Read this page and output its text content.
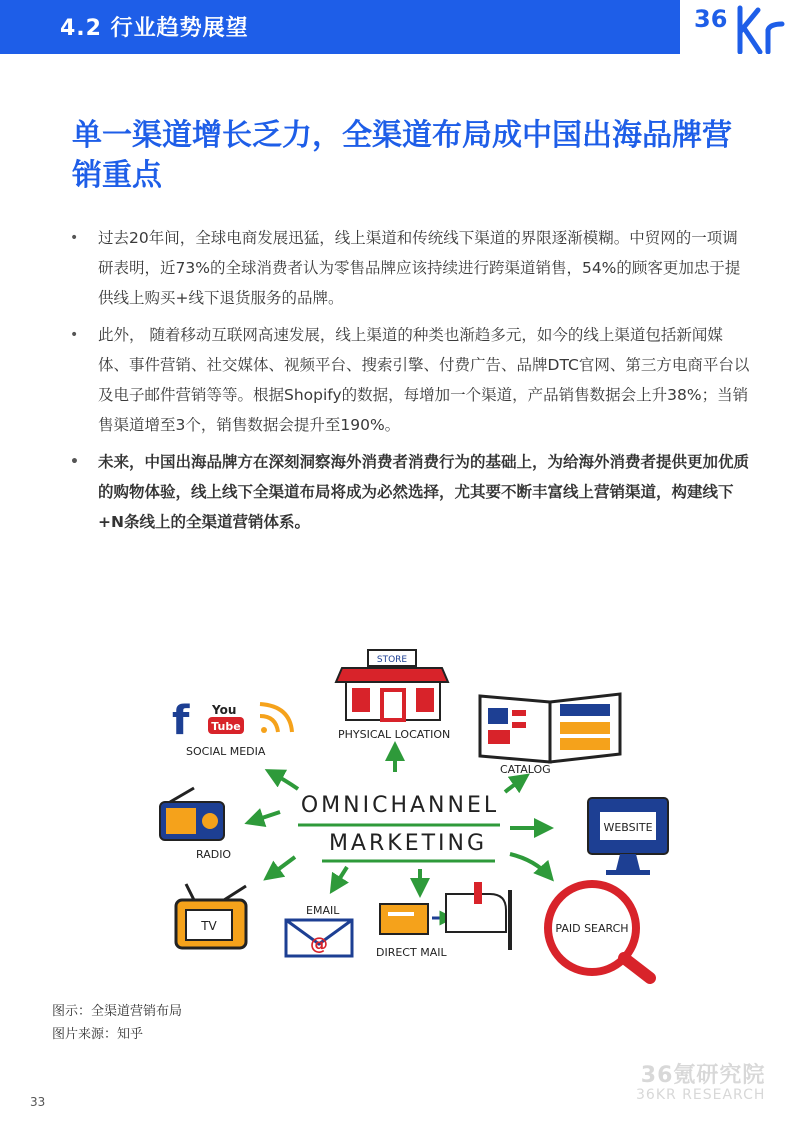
4.2 行业趋势展望	36
单一渠道增长乏力，全渠道布局成中国出海品牌营销重点
• 过去20年间，全球电商发展迅猛，线上渠道和传统线下渠道的界限逐渐模糊。中贸网的一项调研表明，近73%的全球消费者认为零售品牌应该持续进行跨渠道销售，54%的顾客更加忠于提供线上购买+线下退货服务的品牌。
• 此外， 随着移动互联网高速发展，线上渠道的种类也渐趋多元，如今的线上渠道包括新闻媒体、事件营销、社交媒体、视频平台、搜索引擎、付费广告、品牌DTC官网、第三方电商平台以及电子邮件营销等等。根据Shopify的数据，每增加一个渠道，产品销售数据会上升38%；当销售渠道增至3个，销售数据会提升至190%。
• 未来，中国出海品牌方在深刻洞察海外消费者消费行为的基础上，为给海外消费者提供更加优质的购物体验，线上线下全渠道布局将成为必然选择，尤其要不断丰富线上营销渠道，构建线下+N条线上的全渠道营销体系。
OMNICHANNEL
MARKETING
f You
Tube
SOCIAL MEDIA
STORE
PHYSICAL LOCATION
CATALOG
RADIO
WEBSITE
TV
EMAIL
@	DIRECT MAIL
PAID SEARCH
图示：全渠道营销布局
图片来源：知乎
36氪研究院
36KR RESEARCH
33
